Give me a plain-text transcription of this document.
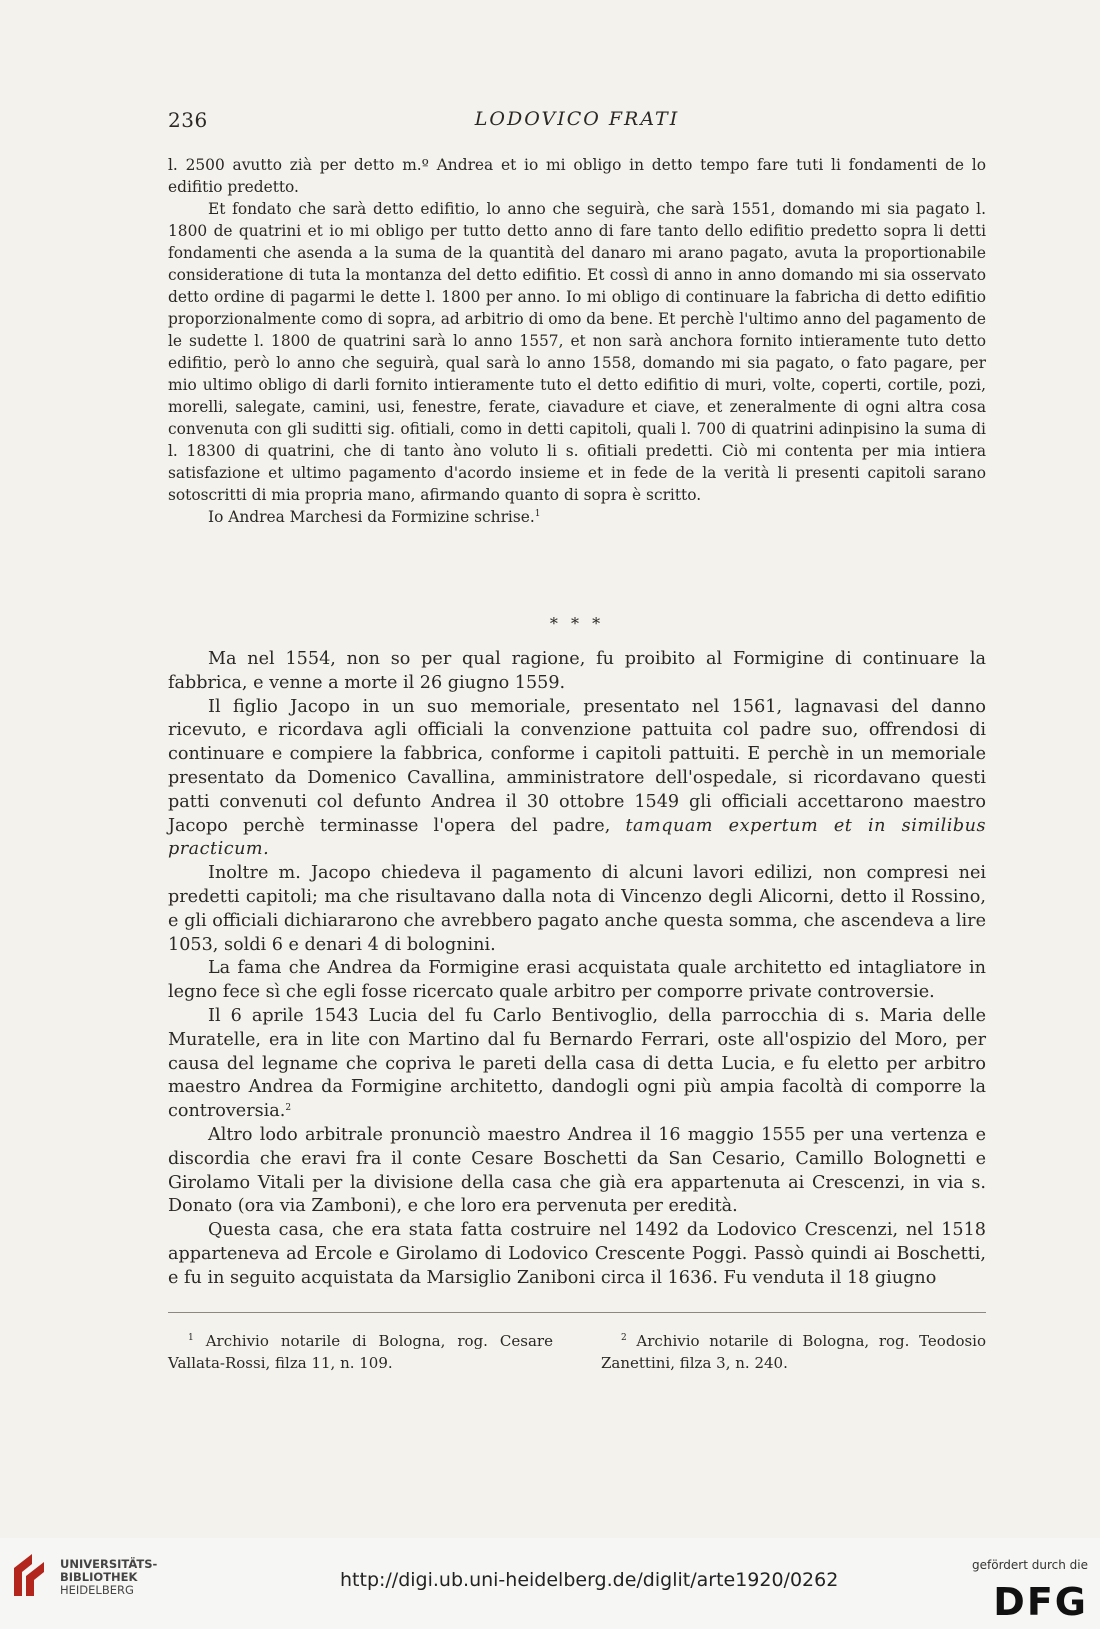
236	LODOVICO FRATI

l. 2500 avutto zià per detto m.º Andrea et io mi obligo in detto tempo fare tuti li fondamenti de lo edifitio predetto.

Et fondato che sarà detto edifitio, lo anno che seguirà, che sarà 1551, domando mi sia pagato l. 1800 de quatrini et io mi obligo per tutto detto anno di fare tanto dello edifitio predetto sopra li detti fondamenti che asenda a la suma de la quantità del danaro mi arano pagato, avuta la proportionabile consideratione di tuta la montanza del detto edifitio. Et cossì di anno in anno domando mi sia osservato detto ordine di pagarmi le dette l. 1800 per anno. Io mi obligo di continuare la fabricha di detto edifitio proporzionalmente como di sopra, ad arbitrio di omo da bene. Et perchè l'ultimo anno del pagamento de le sudette l. 1800 de quatrini sarà lo anno 1557, et non sarà anchora fornito intieramente tuto detto edifitio, però lo anno che seguirà, qual sarà lo anno 1558, domando mi sia pagato, o fato pagare, per mio ultimo obligo di darli fornito intieramente tuto el detto edifitio di muri, volte, coperti, cortile, pozi, morelli, salegate, camini, usi, fenestre, ferate, ciavadure et ciave, et zeneralmente di ogni altra cosa convenuta con gli suditti sig. ofitiali, como in detti capitoli, quali l. 700 di quatrini adinpisino la suma di l. 18300 di quatrini, che di tanto àno voluto li s. ofitiali predetti. Ciò mi contenta per mia intiera satisfazione et ultimo pagamento d'acordo insieme et in fede de la verità li presenti capitoli sarano sotoscritti di mia propria mano, afirmando quanto di sopra è scritto.

Io Andrea Marchesi da Formizine schrise.$^1$

* * *

Ma nel 1554, non so per qual ragione, fu proibito al Formigine di continuare la fabbrica, e venne a morte il 26 giugno 1559.

Il figlio Jacopo in un suo memoriale, presentato nel 1561, lagnavasi del danno ricevuto, e ricordava agli officiali la convenzione pattuita col padre suo, offrendosi di continuare e compiere la fabbrica, conforme i capitoli pattuiti. E perchè in un memoriale presentato da Domenico Cavallina, amministratore dell'ospedale, si ricordavano questi patti convenuti col defunto Andrea il 30 ottobre 1549 gli officiali accettarono maestro Jacopo perchè terminasse l'opera del padre, tamquam expertum et in similibus practicum.

Inoltre m. Jacopo chiedeva il pagamento di alcuni lavori edilizi, non compresi nei predetti capitoli; ma che risultavano dalla nota di Vincenzo degli Alicorni, detto il Rossino, e gli officiali dichiararono che avrebbero pagato anche questa somma, che ascendeva a lire 1053, soldi 6 e denari 4 di bolognini.

La fama che Andrea da Formigine erasi acquistata quale architetto ed intagliatore in legno fece sì che egli fosse ricercato quale arbitro per comporre private controversie.

Il 6 aprile 1543 Lucia del fu Carlo Bentivoglio, della parrocchia di s. Maria delle Muratelle, era in lite con Martino dal fu Bernardo Ferrari, oste all'ospizio del Moro, per causa del legname che copriva le pareti della casa di detta Lucia, e fu eletto per arbitro maestro Andrea da Formigine architetto, dandogli ogni più ampia facoltà di comporre la controversia.$^2$

Altro lodo arbitrale pronunciò maestro Andrea il 16 maggio 1555 per una vertenza e discordia che eravi fra il conte Cesare Boschetti da San Cesario, Camillo Bolognetti e Girolamo Vitali per la divisione della casa che già era appartenuta ai Crescenzi, in via s. Donato (ora via Zamboni), e che loro era pervenuta per eredità.

Questa casa, che era stata fatta costruire nel 1492 da Lodovico Crescenzi, nel 1518 apparteneva ad Ercole e Girolamo di Lodovico Crescente Poggi. Passò quindi ai Boschetti, e fu in seguito acquistata da Marsiglio Zaniboni circa il 1636. Fu venduta il 18 giugno

$^1$ Archivio notarile di Bologna, rog. Cesare Vallata-Rossi, filza 11, n. 109.
$^2$ Archivio notarile di Bologna, rog. Teodosio Zanettini, filza 3, n. 240.
UNIVERSITÄTS-
BIBLIOTHEK
HEIDELBERG	http://digi.ub.uni-heidelberg.de/diglit/arte1920/0262
gefördert durch die
DFG
